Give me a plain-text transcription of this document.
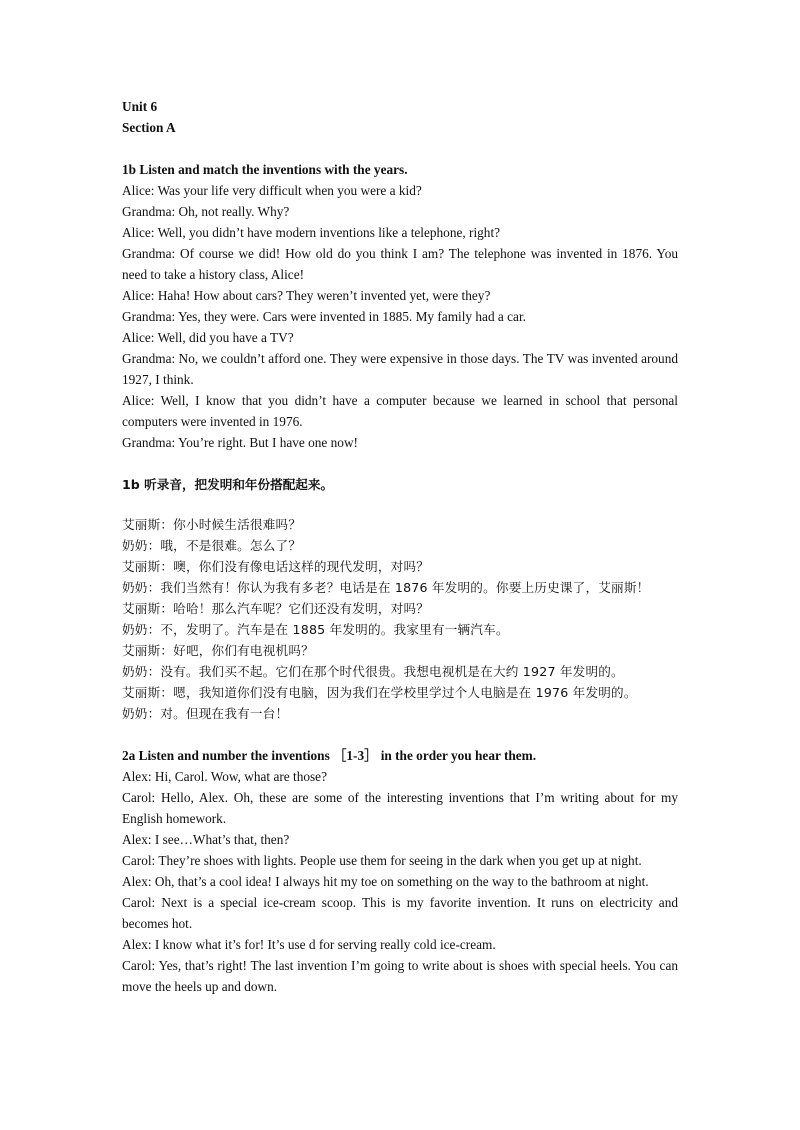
Unit 6

Section A

1b Listen and match the inventions with the years.

Alice: Was your life very difficult when you were a kid?

Grandma: Oh, not really. Why?

Alice: Well, you didn’t have modern inventions like a telephone, right?

Grandma: Of course we did! How old do you think I am? The telephone was invented in 1876. You need to take a history class, Alice!

Alice: Haha! How about cars? They weren’t invented yet, were they?

Grandma: Yes, they were. Cars were invented in 1885. My family had a car.

Alice: Well, did you have a TV?

Grandma: No, we couldn’t afford one. They were expensive in those days. The TV was invented around 1927, I think.

Alice: Well, I know that you didn’t have a computer because we learned in school that personal computers were invented in 1976.

Grandma: You’re right. But I have one now!

1b 听录音，把发明和年份搭配起来。

艾丽斯：你小时候生活很难吗？

奶奶：哦，不是很难。怎么了？

艾丽斯：噢，你们没有像电话这样的现代发明，对吗？

奶奶：我们当然有！你认为我有多老？电话是在 1876 年发明的。你要上历史课了，艾丽斯！

艾丽斯：哈哈！那么汽车呢？它们还没有发明，对吗？

奶奶：不，发明了。汽车是在 1885 年发明的。我家里有一辆汽车。

艾丽斯：好吧，你们有电视机吗？

奶奶：没有。我们买不起。它们在那个时代很贵。我想电视机是在大约 1927 年发明的。

艾丽斯：嗯，我知道你们没有电脑，因为我们在学校里学过个人电脑是在 1976 年发明的。

奶奶：对。但现在我有一台！

2a Listen and number the inventions ［1-3］ in the order you hear them.

Alex: Hi, Carol. Wow, what are those?

Carol: Hello, Alex. Oh, these are some of the interesting inventions that I’m writing about for my English homework.

Alex: I see…What’s that, then?

Carol: They’re shoes with lights. People use them for seeing in the dark when you get up at night.

Alex: Oh, that’s a cool idea! I always hit my toe on something on the way to the bathroom at night.

Carol: Next is a special ice-cream scoop. This is my favorite invention. It runs on electricity and becomes hot.

Alex: I know what it’s for! It’s use d for serving really cold ice-cream.

Carol: Yes, that’s right! The last invention I’m going to write about is shoes with special heels. You can move the heels up and down.
